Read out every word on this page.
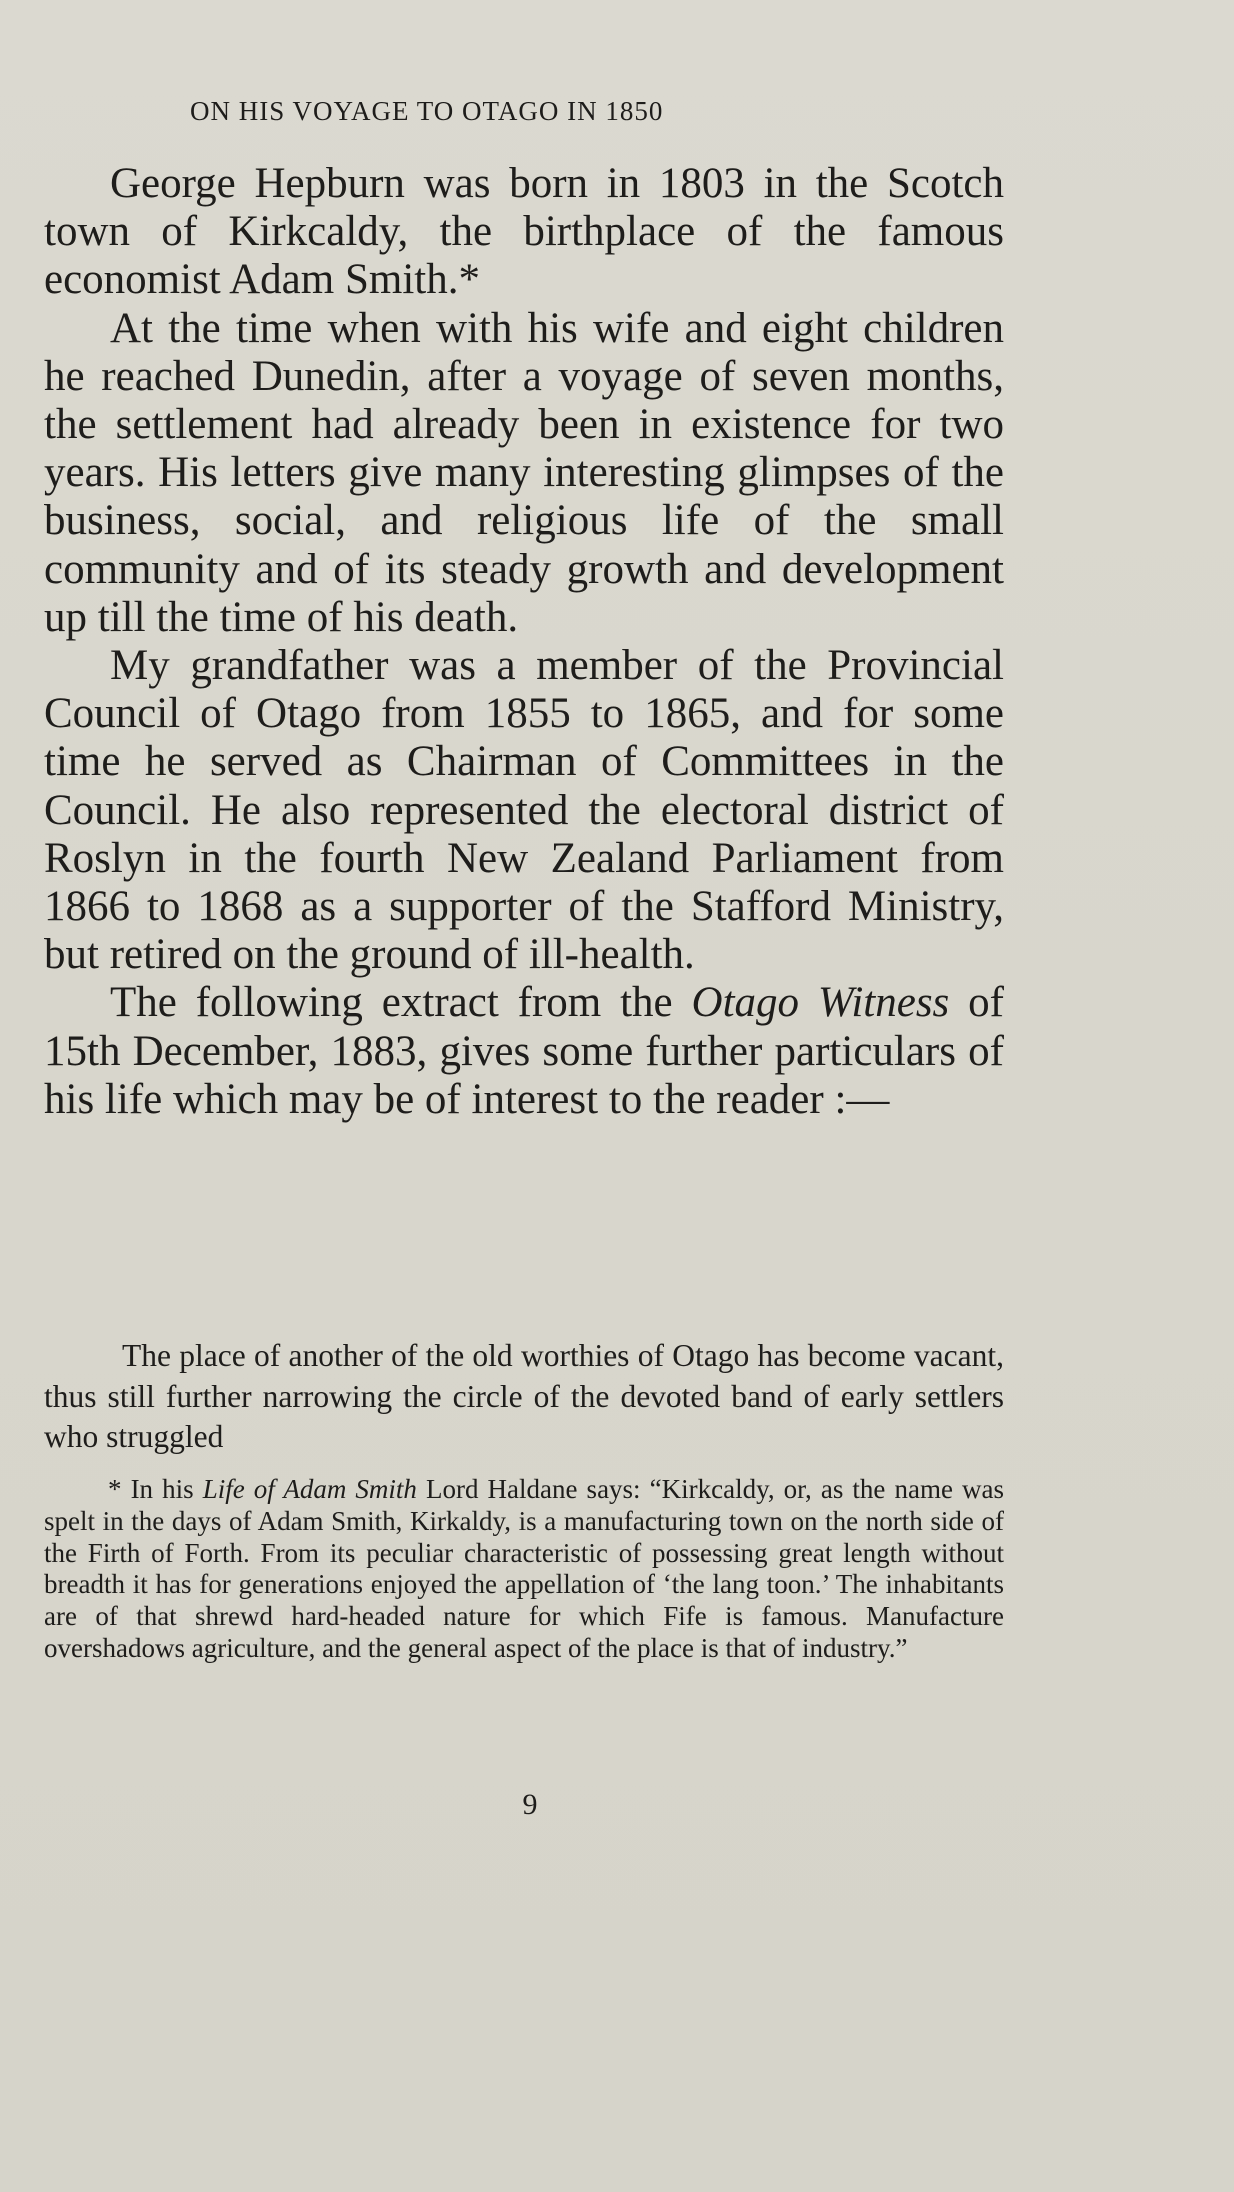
ON HIS VOYAGE TO OTAGO IN 1850

George Hepburn was born in 1803 in the Scotch town of Kirkcaldy, the birthplace of the famous economist Adam Smith.*

At the time when with his wife and eight children he reached Dunedin, after a voyage of seven months, the settlement had already been in existence for two years. His letters give many interesting glimpses of the business, social, and religious life of the small community and of its steady growth and development up till the time of his death.

My grandfather was a member of the Provincial Council of Otago from 1855 to 1865, and for some time he served as Chairman of Committees in the Council. He also represented the electoral district of Roslyn in the fourth New Zealand Parliament from 1866 to 1868 as a supporter of the Stafford Ministry, but retired on the ground of ill-health.

The following extract from the Otago Witness of 15th December, 1883, gives some further particulars of his life which may be of interest to the reader :—

The place of another of the old worthies of Otago has become vacant, thus still further narrowing the circle of the devoted band of early settlers who struggled

* In his Life of Adam Smith Lord Haldane says: “Kirkcaldy, or, as the name was spelt in the days of Adam Smith, Kirkaldy, is a manufacturing town on the north side of the Firth of Forth. From its peculiar characteristic of possessing great length without breadth it has for generations enjoyed the appellation of ‘the lang toon.’ The inhabitants are of that shrewd hard-headed nature for which Fife is famous. Manufacture overshadows agriculture, and the general aspect of the place is that of industry.”

9
